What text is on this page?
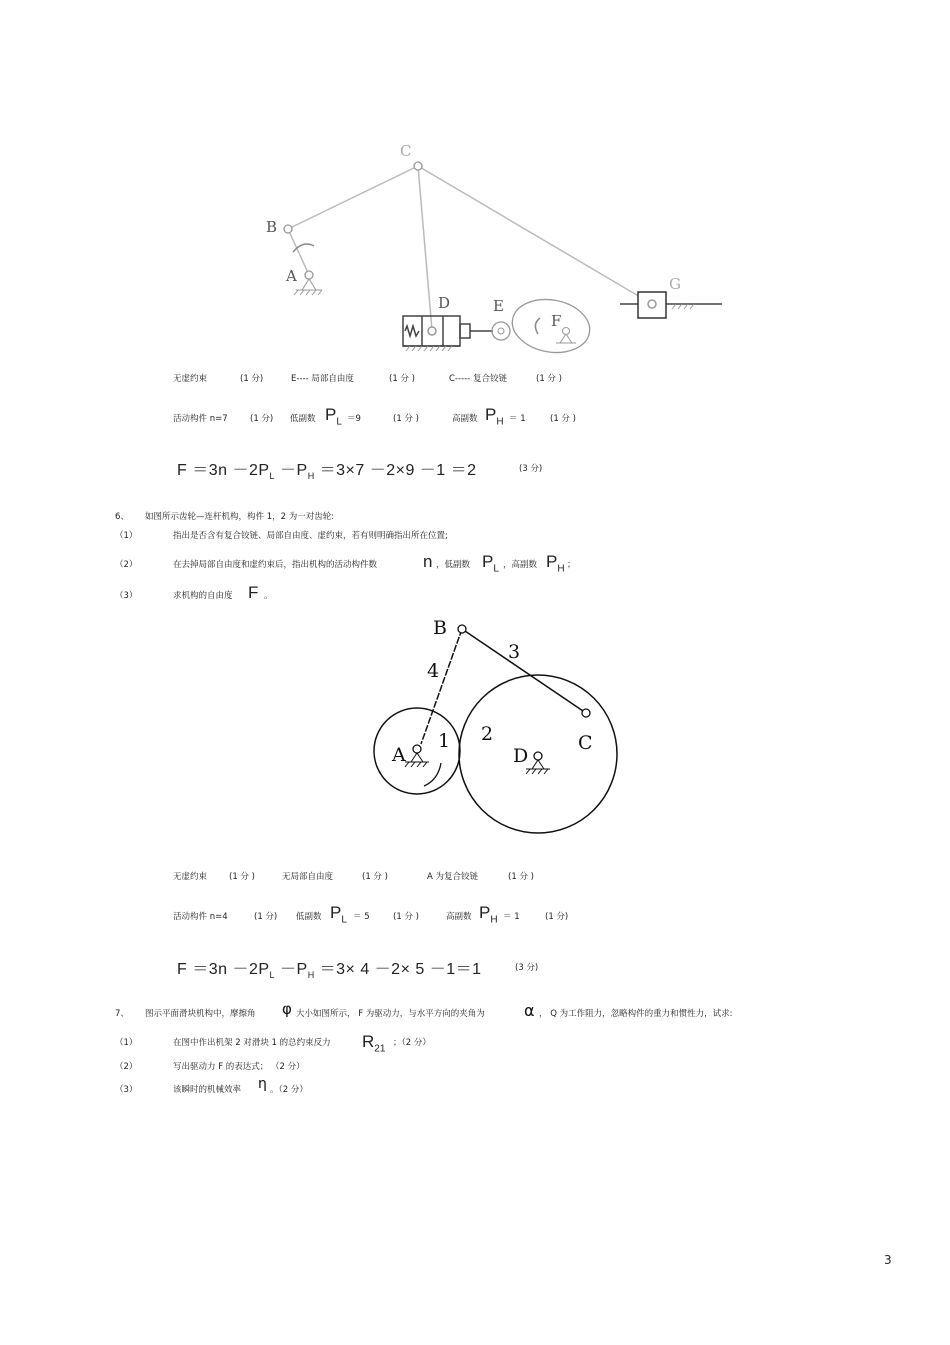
A
B
C
D	E
F
G
无虚约束	(1 分)	E---- 局部自由度	(1 分 )	C----- 复合铰链	(1 分 )
活动构件 n=7	(1 分) 低副数 $P_L =9$	(1 分 )	高副数 $P_H = 1$	(1 分 )
$F =3n -2P_L -P_H =3\times 7 -2\times 9 -1 =2$	(3 分)
6、 如图所示齿轮—连杆机构，构件 1，2 为一对齿轮:
（1）	指出是否含有复合铰链、局部自由度、虚约束，若有则明确指出所在位置;
（2）	在去掉局部自由度和虚约束后，指出机构的活动构件数	n ，低副数 $P_L$ ，高副数 $P_H$ ；
（3）	求机构的自由度 F 。
B
3
4
2
1
A	D
C
无虚约束	(1 分 )	无局部自由度	(1 分 )	A 为复合铰链	(1 分 )
活动构件 n=4	(1 分) 低副数 $P_L = 5$	(1 分 )	高副数 $P_H = 1$	(1 分)
$F =3n -2P_L -P_H =3\times 4 -2\times 5 -1=1$	(3 分)
7、 图示平面滑块机构中，摩擦角 φ 大小如图所示， F 为驱动力，与水平方向的夹角为 α ， Q 为工作阻力，忽略构件的重力和惯性力，试求:
（1）	在图中作出机架 2 对滑块 1 的总约束反力 $R_{21}$
；（2 分）
（2）	写出驱动力 F 的表达式； （2 分）
（3）	该瞬时的机械效率 η 。（2 分）
3
